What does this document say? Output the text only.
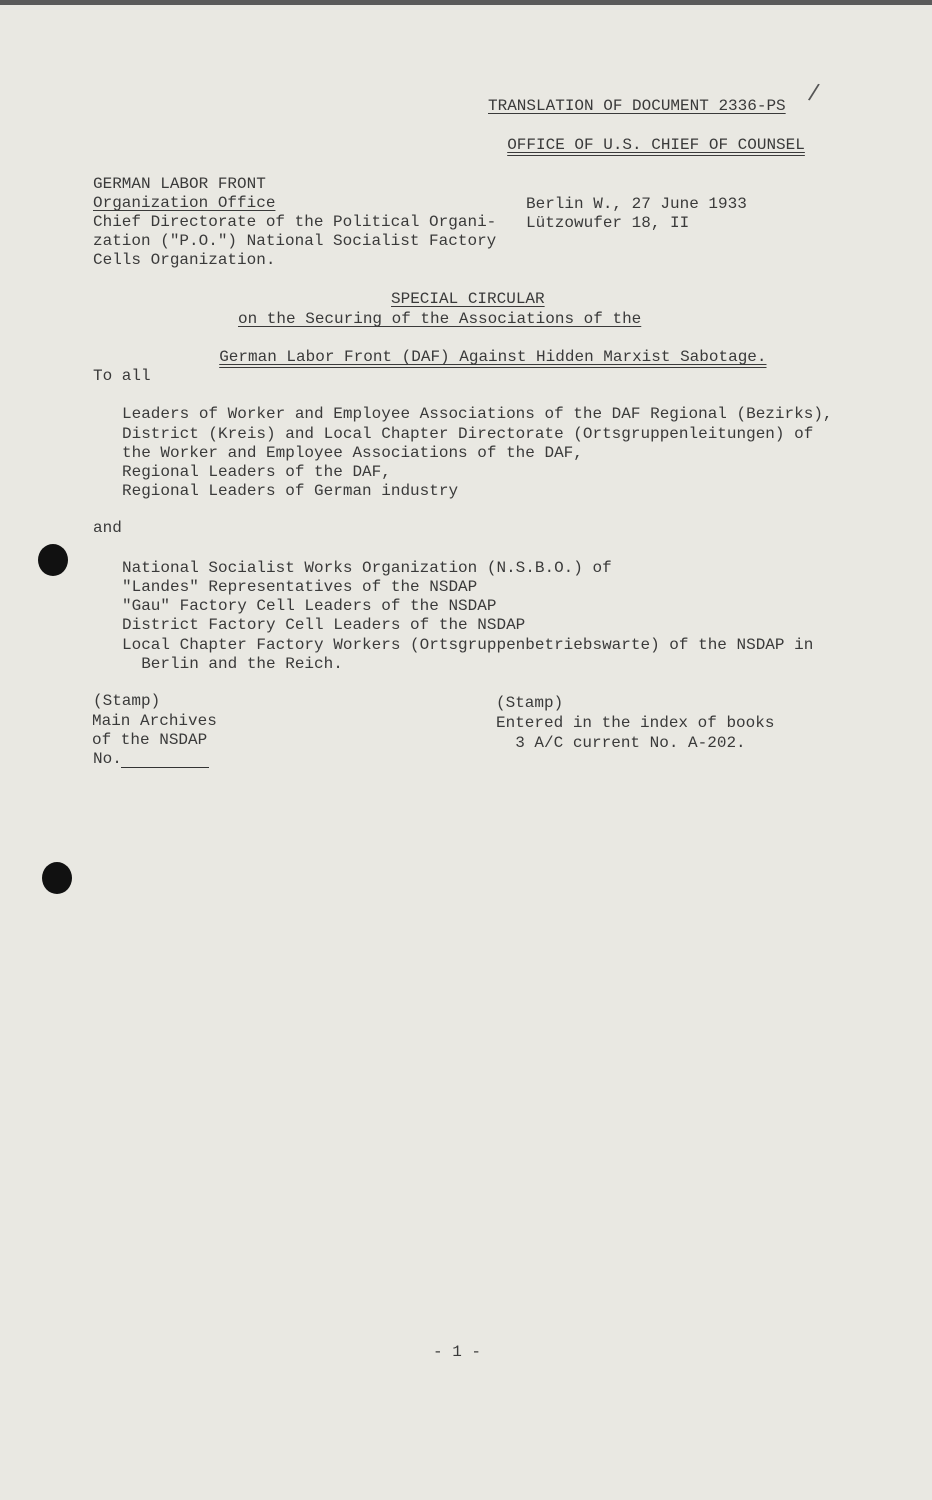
TRANSLATION OF DOCUMENT 2336-PS

OFFICE OF U.S. CHIEF OF COUNSEL

/
GERMAN LABOR FRONT
Organization Office
Chief Directorate of the Political Organi-
zation ("P.O.") National Socialist Factory
Cells Organization.
Berlin W., 27 June 1933
Lützowufer 18, II
SPECIAL CIRCULAR
on the Securing of the Associations of the

German Labor Front (DAF) Against Hidden Marxist Sabotage.

To all
Leaders of Worker and Employee Associations of the DAF Regional (Bezirks),
District (Kreis) and Local Chapter Directorate (Ortsgruppenleitungen) of
the Worker and Employee Associations of the DAF,
Regional Leaders of the DAF,
Regional Leaders of German industry
and
National Socialist Works Organization (N.S.B.O.) of
"Landes" Representatives of the NSDAP
"Gau" Factory Cell Leaders of the NSDAP
District Factory Cell Leaders of the NSDAP
Local Chapter Factory Workers (Ortsgruppenbetriebswarte) of the NSDAP in
Berlin and the Reich.
(Stamp)
Main Archives
of the NSDAP
No.
(Stamp)
Entered in the index of books
3 A/C current No. A-202.
- 1 -
